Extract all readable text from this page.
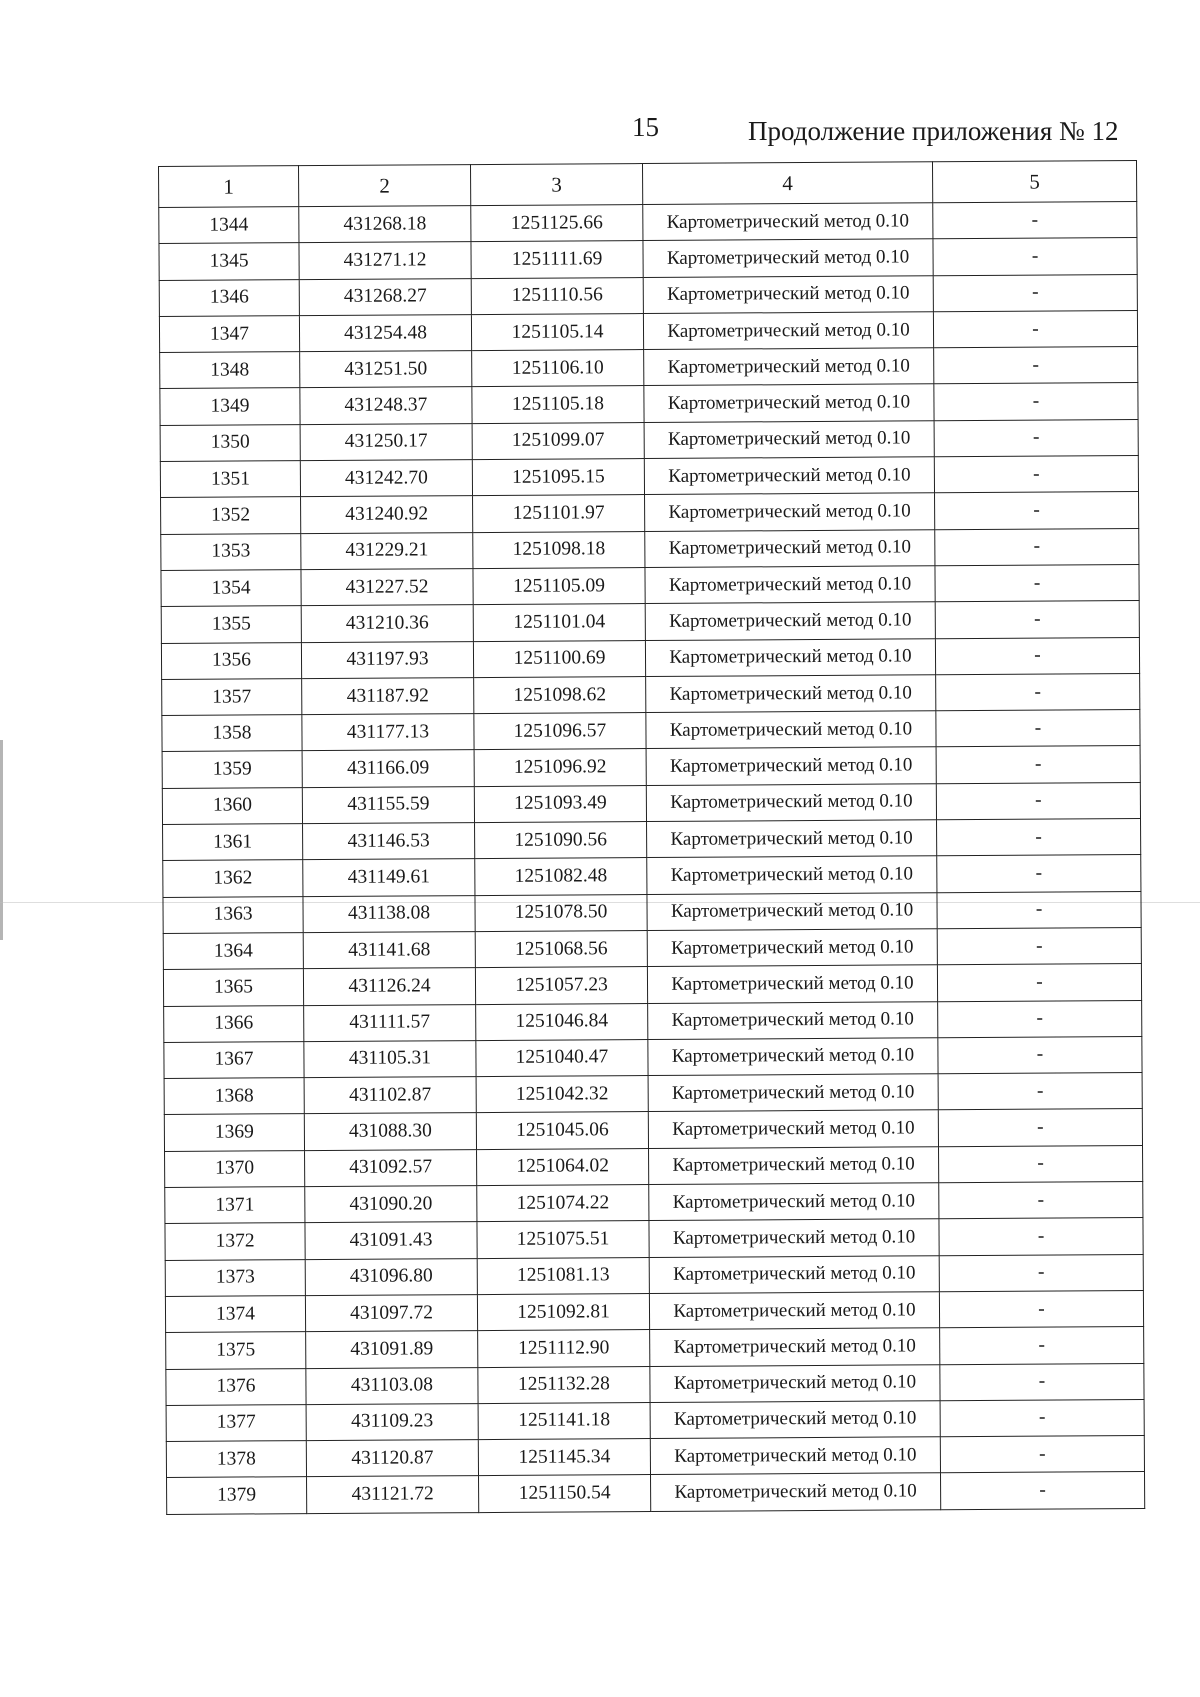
15	Продолжение приложения № 12
1	2	3	4	5
1344	431268.18	1251125.66	Картометрический метод 0.10	-
1345	431271.12	1251111.69	Картометрический метод 0.10	-
1346	431268.27	1251110.56	Картометрический метод 0.10	-
1347	431254.48	1251105.14	Картометрический метод 0.10	-
1348	431251.50	1251106.10	Картометрический метод 0.10	-
1349	431248.37	1251105.18	Картометрический метод 0.10	-
1350	431250.17	1251099.07	Картометрический метод 0.10	-
1351	431242.70	1251095.15	Картометрический метод 0.10	-
1352	431240.92	1251101.97	Картометрический метод 0.10	-
1353	431229.21	1251098.18	Картометрический метод 0.10	-
1354	431227.52	1251105.09	Картометрический метод 0.10	-
1355	431210.36	1251101.04	Картометрический метод 0.10	-
1356	431197.93	1251100.69	Картометрический метод 0.10	-
1357	431187.92	1251098.62	Картометрический метод 0.10	-
1358	431177.13	1251096.57	Картометрический метод 0.10	-
1359	431166.09	1251096.92	Картометрический метод 0.10	-
1360	431155.59	1251093.49	Картометрический метод 0.10	-
1361	431146.53	1251090.56	Картометрический метод 0.10	-
1362	431149.61	1251082.48	Картометрический метод 0.10	-
1363	431138.08	1251078.50	Картометрический метод 0.10	-
1364	431141.68	1251068.56	Картометрический метод 0.10	-
1365	431126.24	1251057.23	Картометрический метод 0.10	-
1366	431111.57	1251046.84	Картометрический метод 0.10	-
1367	431105.31	1251040.47	Картометрический метод 0.10	-
1368	431102.87	1251042.32	Картометрический метод 0.10	-
1369	431088.30	1251045.06	Картометрический метод 0.10	-
1370	431092.57	1251064.02	Картометрический метод 0.10	-
1371	431090.20	1251074.22	Картометрический метод 0.10	-
1372	431091.43	1251075.51	Картометрический метод 0.10	-
1373	431096.80	1251081.13	Картометрический метод 0.10	-
1374	431097.72	1251092.81	Картометрический метод 0.10	-
1375	431091.89	1251112.90	Картометрический метод 0.10	-
1376	431103.08	1251132.28	Картометрический метод 0.10	-
1377	431109.23	1251141.18	Картометрический метод 0.10	-
1378	431120.87	1251145.34	Картометрический метод 0.10	-
1379	431121.72	1251150.54	Картометрический метод 0.10	-
